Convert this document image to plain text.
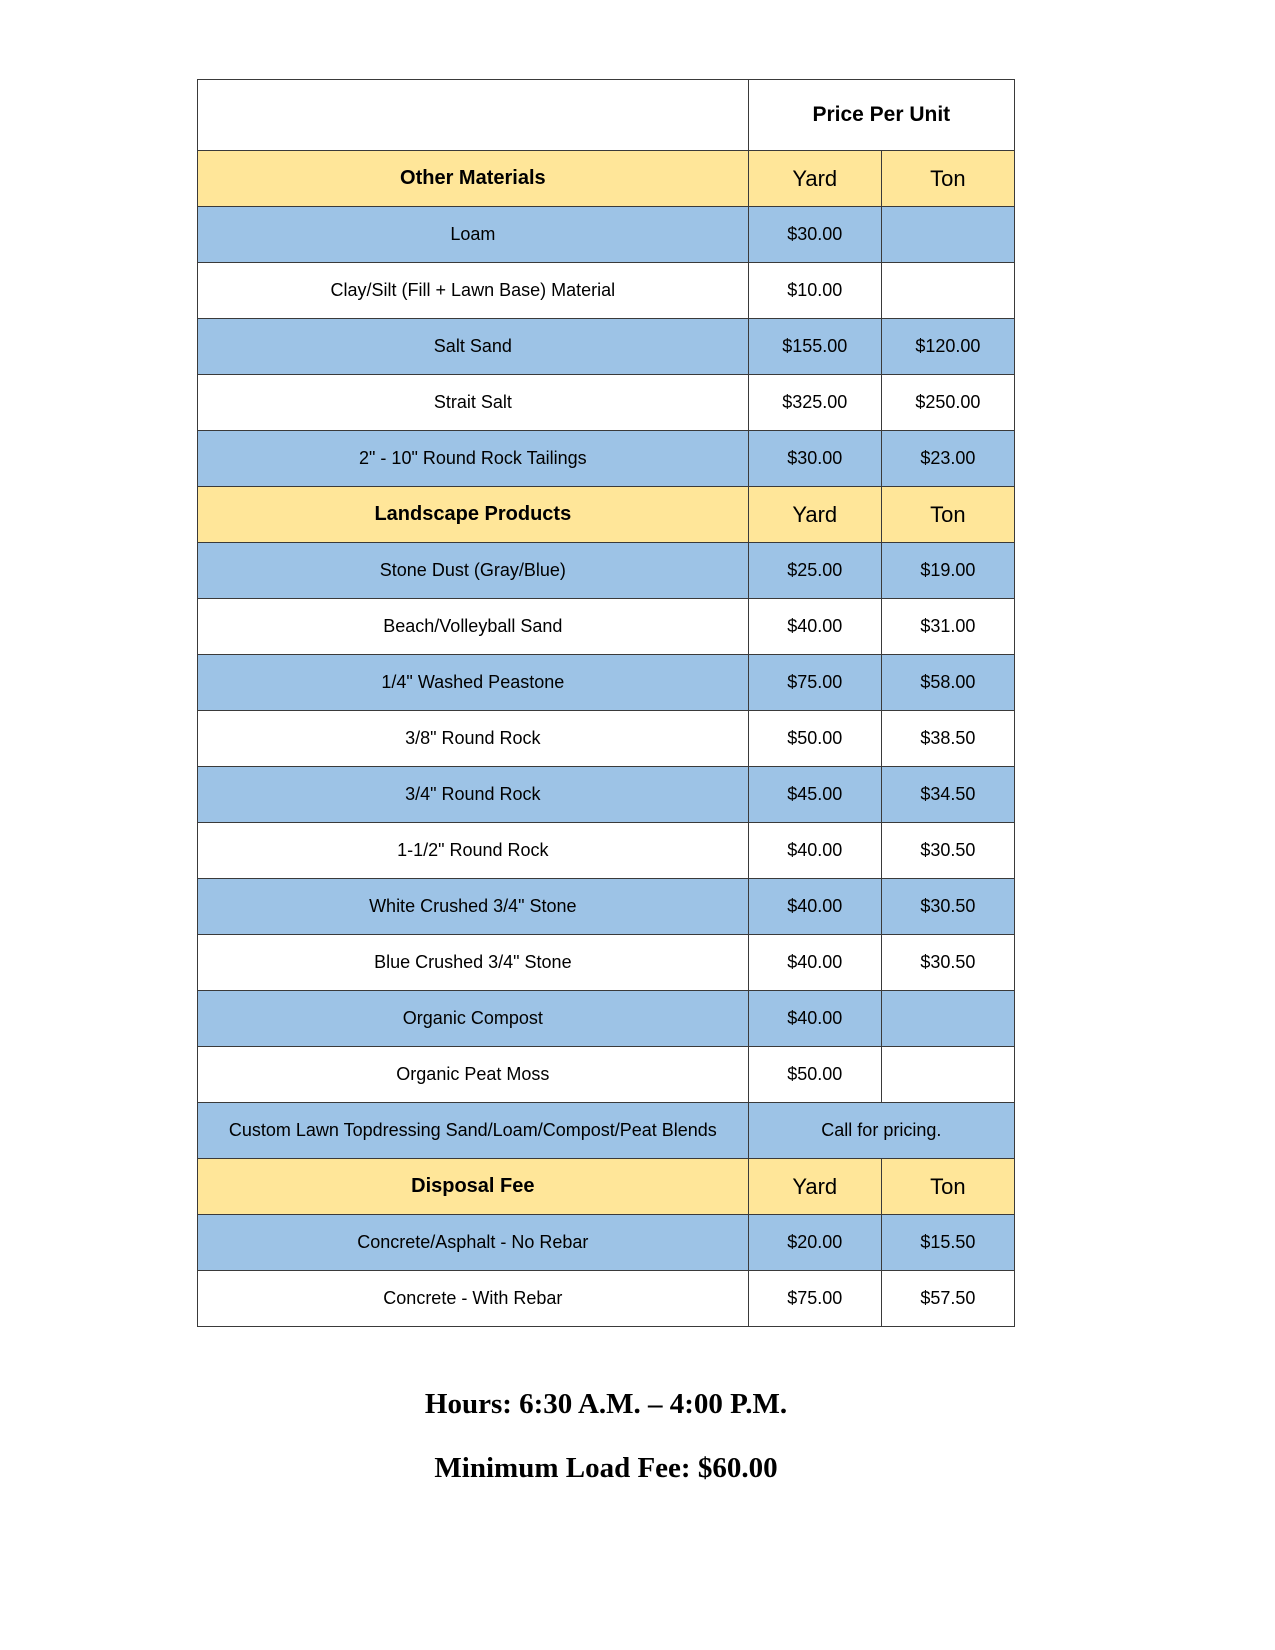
	Price Per Unit	
Other Materials	Yard	Ton
Loam	$30.00	
Clay/Silt (Fill + Lawn Base) Material	$10.00	
Salt Sand	$155.00	$120.00
Strait Salt	$325.00	$250.00
2" - 10" Round Rock Tailings	$30.00	$23.00
Landscape Products	Yard	Ton
Stone Dust (Gray/Blue)	$25.00	$19.00
Beach/Volleyball Sand	$40.00	$31.00
1/4" Washed Peastone	$75.00	$58.00
3/8" Round Rock	$50.00	$38.50
3/4" Round Rock	$45.00	$34.50
1-1/2" Round Rock	$40.00	$30.50
White Crushed 3/4" Stone	$40.00	$30.50
Blue Crushed 3/4" Stone	$40.00	$30.50
Organic Compost	$40.00	
Organic Peat Moss	$50.00	
Custom Lawn Topdressing Sand/Loam/Compost/Peat Blends	Call for pricing.	
Disposal Fee	Yard	Ton
Concrete/Asphalt - No Rebar	$20.00	$15.50
Concrete - With Rebar	$75.00	$57.50
Hours: 6:30 A.M. – 4:00 P.M.
Minimum Load Fee: $60.00
